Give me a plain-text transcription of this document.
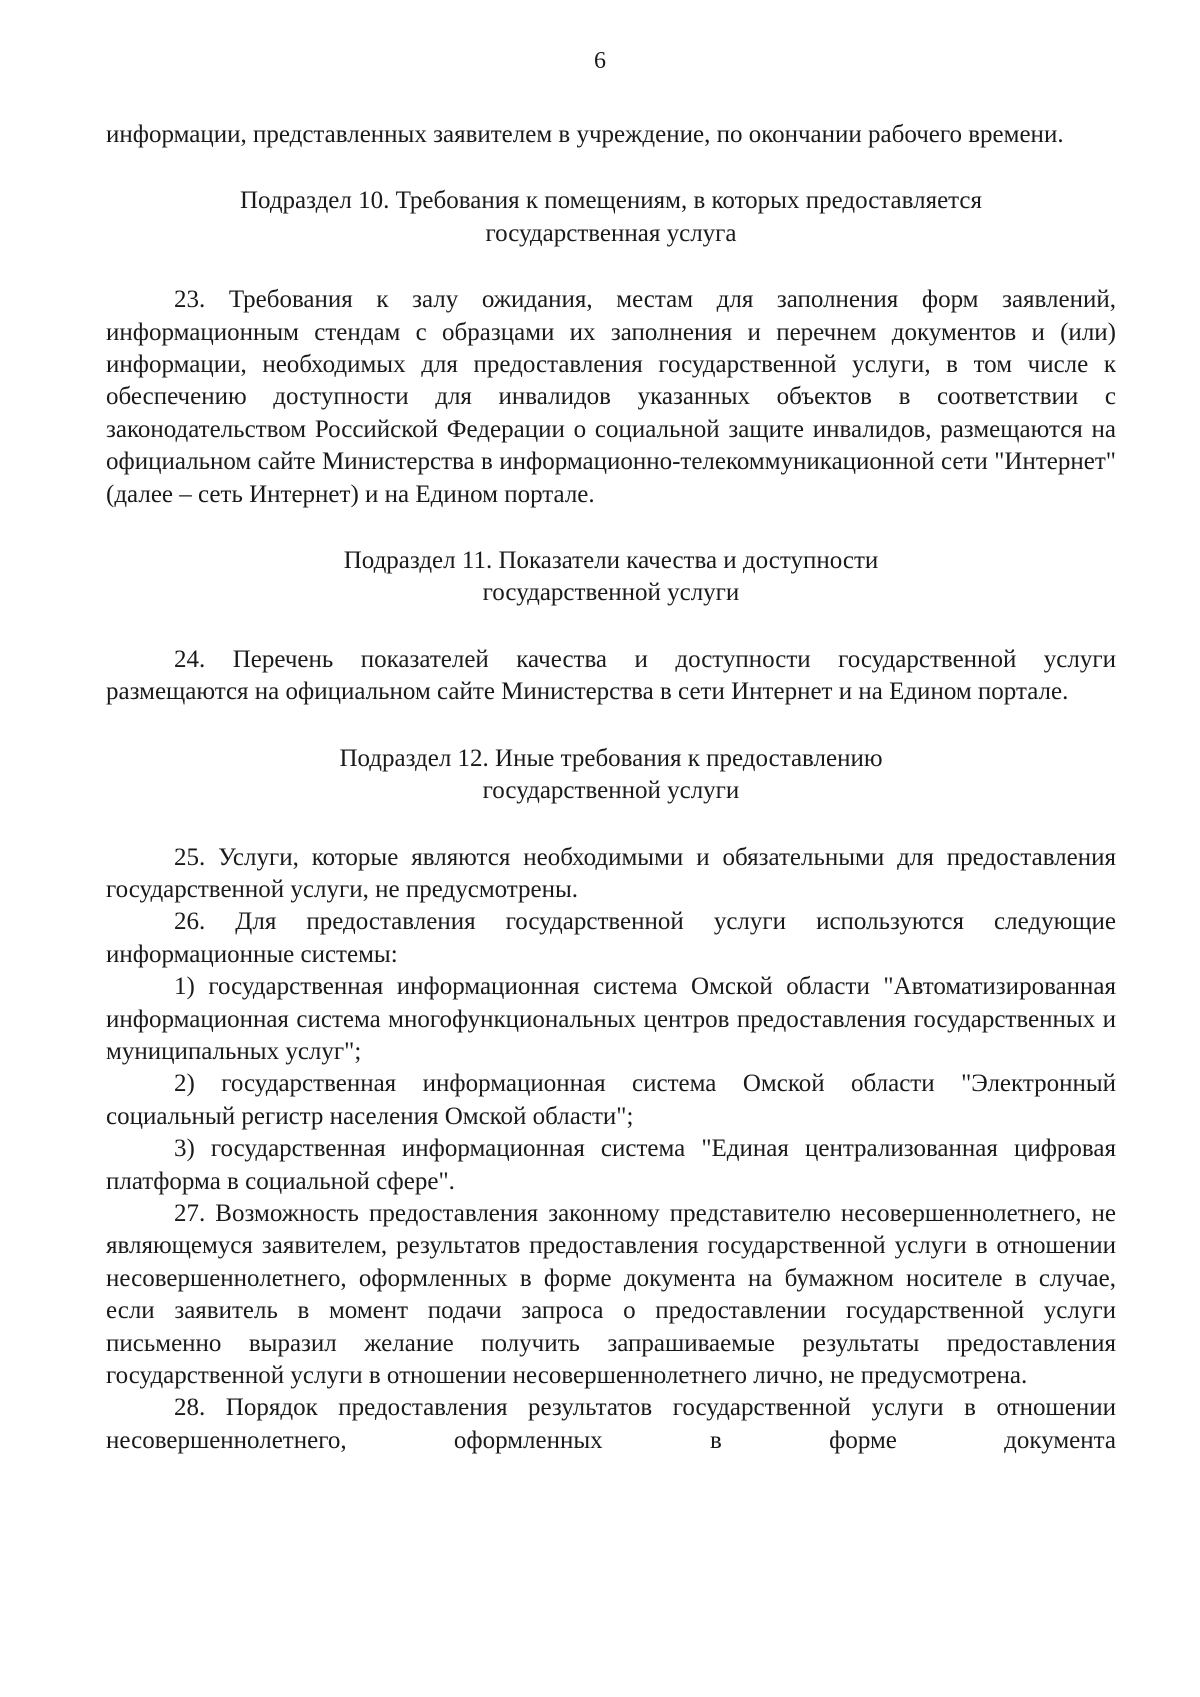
6

информации, представленных заявителем в учреждение, по окончании рабочего времени.

Подраздел 10. Требования к помещениям, в которых предоставляется

государственная услуга

23. Требования к залу ожидания, местам для заполнения форм заявлений, информационным стендам с образцами их заполнения и перечнем документов и (или) информации, необходимых для предоставления государственной услуги, в том числе к обеспечению доступности для инвалидов указанных объектов в соответствии с законодательством Российской Федерации о социальной защите инвалидов, размещаются на официальном сайте Министерства в информационно-телекоммуникационной сети "Интернет" (далее – сеть Интернет) и на Едином портале.

Подраздел 11. Показатели качества и доступности

государственной услуги

24. Перечень показателей качества и доступности государственной услуги размещаются на официальном сайте Министерства в сети Интернет и на Едином портале.

Подраздел 12. Иные требования к предоставлению

государственной услуги

25. Услуги, которые являются необходимыми и обязательными для предоставления государственной услуги, не предусмотрены.

26. Для предоставления государственной услуги используются следующие информационные системы:

1) государственная информационная система Омской области "Автоматизированная информационная система многофункциональных центров предоставления государственных и муниципальных услуг";

2) государственная информационная система Омской области "Электронный социальный регистр населения Омской области";

3) государственная информационная система "Единая централизованная цифровая платформа в социальной сфере".

27. Возможность предоставления законному представителю несовершеннолетнего, не являющемуся заявителем, результатов предоставления государственной услуги в отношении несовершеннолетнего, оформленных в форме документа на бумажном носителе в случае, если заявитель в момент подачи запроса о предоставлении государственной услуги письменно выразил желание получить запрашиваемые результаты предоставления государственной услуги в отношении несовершеннолетнего лично, не предусмотрена.

28. Порядок предоставления результатов государственной услуги в отношении несовершеннолетнего, оформленных в форме документа
